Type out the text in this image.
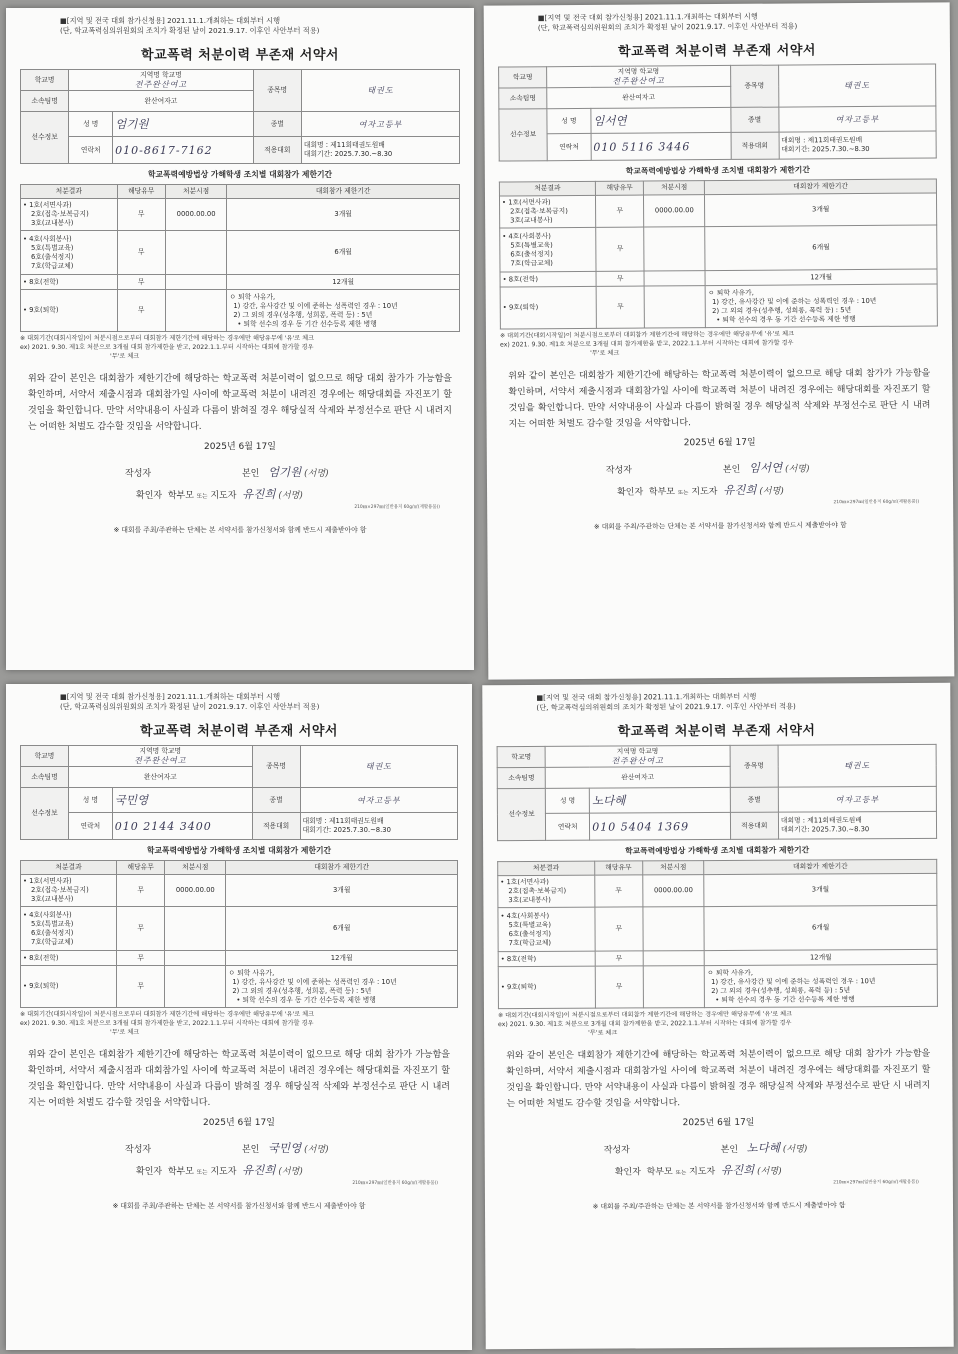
■[지역 및 전국 대회 참가신청용] 2021.11.1.개최하는 대회부터 시행
(단, 학교폭력심의위원회의 조치가 확정된 날이 2021.9.17. 이후인 사안부터 적용)
학교폭력 처분이력 부존재 서약서
학교명	지역명 학교명
전주완산여고		종목명	태권도
소속팀명	완산여자고			
선수정보	성 명	엄기원	종별	여자고등부
	연락처	010-8617-7162	적용대회	대회명 : 제11회태권도원배
대회기간: 2025.7.30.~8.30
학교폭력예방법상 가해학생 조치별 대회참가 제한기간
처분결과	해당유무	처분시점	대회참가 제한기간

• 1호(서면사과)
2호(접촉·보복금지)
3호(교내봉사)	무	0000.00.00	3개월

• 4호(사회봉사)
5호(특별교육)
6호(출석정지)
7호(학급교체)	무		6개월
• 8호(전학)	무		12개월
• 9호(퇴학)	무		ㅇ 퇴학 사유가,
1) 강간, 유사강간 및 이에 준하는 성폭력인 경우 : 10년
2) 그 외의 경우(성추행, 성희롱, 폭력 등) : 5년
• 퇴학 선수의 경우 동 기간 선수등록 제한 병행
※ 대회기간(대회시작일)이 처분시점으로부터 대회참가 제한기간에 해당하는 경우에만 해당유무에 '유'로 체크
ex) 2021. 9.30. 제1호 처분으로 3개월 대회 참가제한을 받고, 2022.1.1.부터 시작하는 대회에 참가할 경우
'무'로 체크
위와 같이 본인은 대회참가 제한기간에 해당하는 학교폭력 처분이력이 없으므로 해당 대회 참가가 가능함을 확인하며, 서약서 제출시점과 대회참가일 사이에 학교폭력 처분이 내려진 경우에는 해당대회를 자진포기 할 것임을 확인합니다. 만약 서약내용이 사실과 다름이 밝혀질 경우 해당실적 삭제와 부정선수로 판단 시 내려지는 어떠한 처벌도 감수할 것임을 서약합니다.
2025년 6월 17일
작성자	본인 엄기원 (서명)
확인자 학부모 또는 지도자 유진희 (서명)
210㎜×297㎜(일반용지 60g/㎡(재활용품))
※ 대회를 주최/주관하는 단체는 본 서약서를 참가신청서와 함께 반드시 제출받아야 함
■[지역 및 전국 대회 참가신청용] 2021.11.1.개최하는 대회부터 시행
(단, 학교폭력심의위원회의 조치가 확정된 날이 2021.9.17. 이후인 사안부터 적용)
학교폭력 처분이력 부존재 서약서
학교명	지역명 학교명
전주완산여고		종목명	태권도
소속팀명	완산여자고			
선수정보	성 명	임서연	종별	여자고등부
	연락처	010 5116 3446	적용대회	대회명 : 제11회태권도원배
대회기간: 2025.7.30.~8.30
학교폭력예방법상 가해학생 조치별 대회참가 제한기간
처분결과	해당유무	처분시점	대회참가 제한기간

• 1호(서면사과)
2호(접촉·보복금지)
3호(교내봉사)	무	0000.00.00	3개월

• 4호(사회봉사)
5호(특별교육)
6호(출석정지)
7호(학급교체)	무		6개월
• 8호(전학)	무		12개월
• 9호(퇴학)	무		ㅇ 퇴학 사유가,
1) 강간, 유사강간 및 이에 준하는 성폭력인 경우 : 10년
2) 그 외의 경우(성추행, 성희롱, 폭력 등) : 5년
• 퇴학 선수의 경우 동 기간 선수등록 제한 병행
※ 대회기간(대회시작일)이 처분시점으로부터 대회참가 제한기간에 해당하는 경우에만 해당유무에 '유'로 체크
ex) 2021. 9.30. 제1호 처분으로 3개월 대회 참가제한을 받고, 2022.1.1.부터 시작하는 대회에 참가할 경우
'무'로 체크
위와 같이 본인은 대회참가 제한기간에 해당하는 학교폭력 처분이력이 없으므로 해당 대회 참가가 가능함을 확인하며, 서약서 제출시점과 대회참가일 사이에 학교폭력 처분이 내려진 경우에는 해당대회를 자진포기 할 것임을 확인합니다. 만약 서약내용이 사실과 다름이 밝혀질 경우 해당실적 삭제와 부정선수로 판단 시 내려지는 어떠한 처벌도 감수할 것임을 서약합니다.
2025년 6월 17일
작성자	본인 임서연 (서명)
확인자 학부모 또는 지도자 유진희 (서명)
210㎜×297㎜(일반용지 60g/㎡(재활용품))
※ 대회를 주최/주관하는 단체는 본 서약서를 참가신청서와 함께 반드시 제출받아야 함
■[지역 및 전국 대회 참가신청용] 2021.11.1.개최하는 대회부터 시행
(단, 학교폭력심의위원회의 조치가 확정된 날이 2021.9.17. 이후인 사안부터 적용)
학교폭력 처분이력 부존재 서약서
학교명	지역명 학교명
전주완산여고		종목명	태권도
소속팀명	완산여자고			
선수정보	성 명	국민영	종별	여자고등부
	연락처	010 2144 3400	적용대회	대회명 : 제11회태권도원배
대회기간: 2025.7.30.~8.30
학교폭력예방법상 가해학생 조치별 대회참가 제한기간
처분결과	해당유무	처분시점	대회참가 제한기간

• 1호(서면사과)
2호(접촉·보복금지)
3호(교내봉사)	무	0000.00.00	3개월

• 4호(사회봉사)
5호(특별교육)
6호(출석정지)
7호(학급교체)	무		6개월
• 8호(전학)	무		12개월
• 9호(퇴학)	무		ㅇ 퇴학 사유가,
1) 강간, 유사강간 및 이에 준하는 성폭력인 경우 : 10년
2) 그 외의 경우(성추행, 성희롱, 폭력 등) : 5년
• 퇴학 선수의 경우 동 기간 선수등록 제한 병행
※ 대회기간(대회시작일)이 처분시점으로부터 대회참가 제한기간에 해당하는 경우에만 해당유무에 '유'로 체크
ex) 2021. 9.30. 제1호 처분으로 3개월 대회 참가제한을 받고, 2022.1.1.부터 시작하는 대회에 참가할 경우
'무'로 체크
위와 같이 본인은 대회참가 제한기간에 해당하는 학교폭력 처분이력이 없으므로 해당 대회 참가가 가능함을 확인하며, 서약서 제출시점과 대회참가일 사이에 학교폭력 처분이 내려진 경우에는 해당대회를 자진포기 할 것임을 확인합니다. 만약 서약내용이 사실과 다름이 밝혀질 경우 해당실적 삭제와 부정선수로 판단 시 내려지는 어떠한 처벌도 감수할 것임을 서약합니다.
2025년 6월 17일
작성자	본인 국민영 (서명)
확인자 학부모 또는 지도자 유진희 (서명)
210㎜×297㎜(일반용지 60g/㎡(재활용품))
※ 대회를 주최/주관하는 단체는 본 서약서를 참가신청서와 함께 반드시 제출받아야 함
■[지역 및 전국 대회 참가신청용] 2021.11.1.개최하는 대회부터 시행
(단, 학교폭력심의위원회의 조치가 확정된 날이 2021.9.17. 이후인 사안부터 적용)
학교폭력 처분이력 부존재 서약서
학교명	지역명 학교명
전주완산여고		종목명	태권도
소속팀명	완산여자고			
선수정보	성 명	노다혜	종별	여자고등부
	연락처	010 5404 1369	적용대회	대회명 : 제11회태권도원배
대회기간: 2025.7.30.~8.30
학교폭력예방법상 가해학생 조치별 대회참가 제한기간
처분결과	해당유무	처분시점	대회참가 제한기간

• 1호(서면사과)
2호(접촉·보복금지)
3호(교내봉사)	무	0000.00.00	3개월

• 4호(사회봉사)
5호(특별교육)
6호(출석정지)
7호(학급교체)	무		6개월
• 8호(전학)	무		12개월
• 9호(퇴학)	무		ㅇ 퇴학 사유가,
1) 강간, 유사강간 및 이에 준하는 성폭력인 경우 : 10년
2) 그 외의 경우(성추행, 성희롱, 폭력 등) : 5년
• 퇴학 선수의 경우 동 기간 선수등록 제한 병행
※ 대회기간(대회시작일)이 처분시점으로부터 대회참가 제한기간에 해당하는 경우에만 해당유무에 '유'로 체크
ex) 2021. 9.30. 제1호 처분으로 3개월 대회 참가제한을 받고, 2022.1.1.부터 시작하는 대회에 참가할 경우
'무'로 체크
위와 같이 본인은 대회참가 제한기간에 해당하는 학교폭력 처분이력이 없으므로 해당 대회 참가가 가능함을 확인하며, 서약서 제출시점과 대회참가일 사이에 학교폭력 처분이 내려진 경우에는 해당대회를 자진포기 할 것임을 확인합니다. 만약 서약내용이 사실과 다름이 밝혀질 경우 해당실적 삭제와 부정선수로 판단 시 내려지는 어떠한 처벌도 감수할 것임을 서약합니다.
2025년 6월 17일
작성자	본인 노다혜 (서명)
확인자 학부모 또는 지도자 유진희 (서명)
210㎜×297㎜(일반용지 60g/㎡(재활용품))
※ 대회를 주최/주관하는 단체는 본 서약서를 참가신청서와 함께 반드시 제출받아야 함
